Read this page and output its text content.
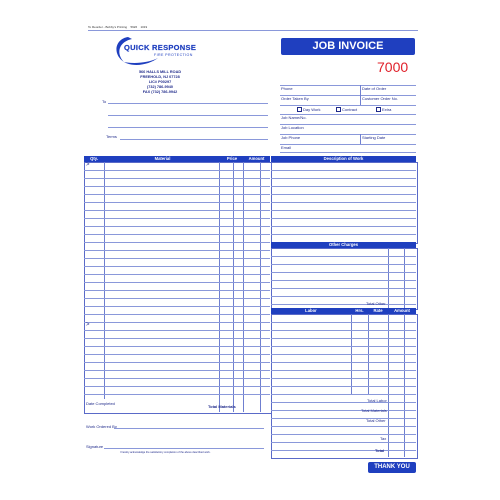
To Reorder - Bobby's Printing 5926 1019
QUICK RESPONSE
FIRE PROTECTION
566 HALLS MILL ROAD
FREEHOLD, NJ 07728
LIC# P00297
(732) 786-9940
FAX (732) 786-9942
To
Terms
JOB INVOICE
7000
Phone	Date of Order
Order Taken By	Customer Order No.
Day Work	Contract	Extra
Job Name/No.
Job Location
Job Phone	Starting Date
Email
Qty.	Material	Price	Amount	Description of Work
>
>
Date Completed
Total Materials
Other Charges
Total Other
Labor	Hrs.	Rate	Amount
Total Labor
Total Materials
Total Other
Tax
Total
Work Ordered By
Signature
I hereby acknowledge the satisfactory completion of the above described work.
THANK YOU
